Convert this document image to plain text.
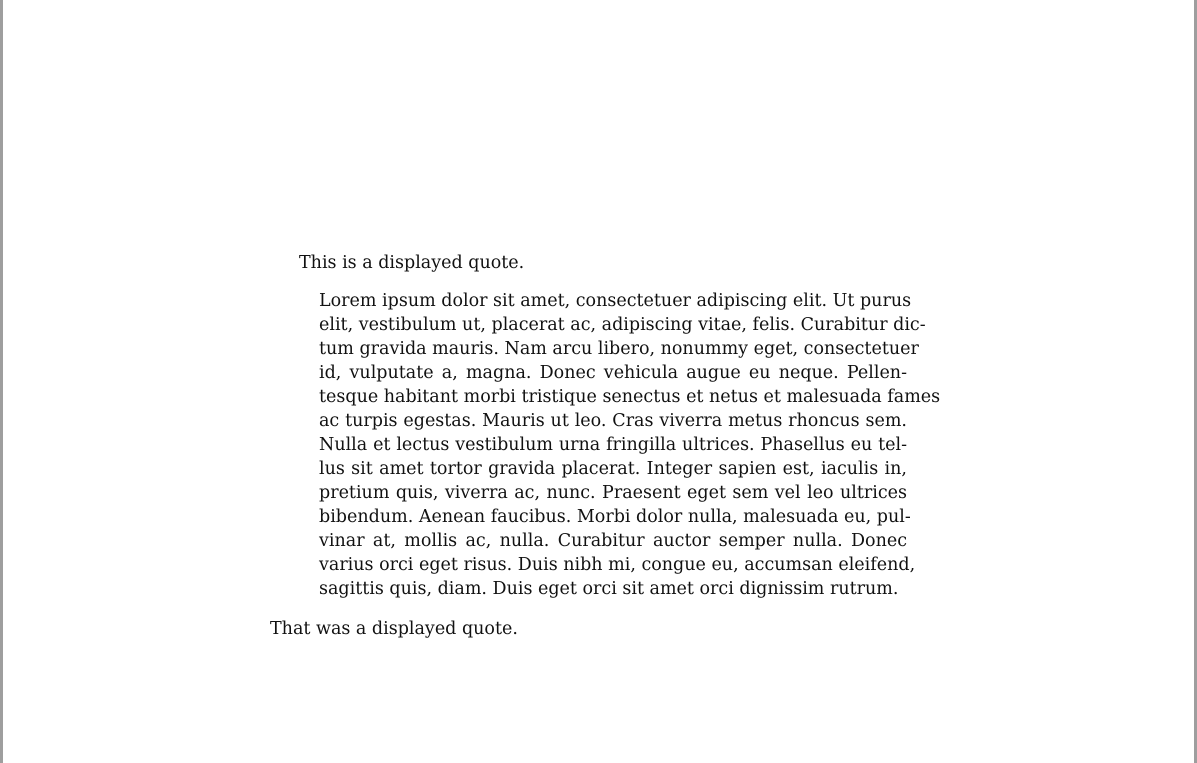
This is a displayed quote.

Lorem ipsum dolor sit amet, consectetuer adipiscing elit. Ut purus
elit, vestibulum ut, placerat ac, adipiscing vitae, felis. Curabitur dic-
tum gravida mauris. Nam arcu libero, nonummy eget, consectetuer
id, vulputate a, magna. Donec vehicula augue eu neque. Pellen-
tesque habitant morbi tristique senectus et netus et malesuada fames
ac turpis egestas. Mauris ut leo. Cras viverra metus rhoncus sem.
Nulla et lectus vestibulum urna fringilla ultrices. Phasellus eu tel-
lus sit amet tortor gravida placerat. Integer sapien est, iaculis in,
pretium quis, viverra ac, nunc. Praesent eget sem vel leo ultrices
bibendum. Aenean faucibus. Morbi dolor nulla, malesuada eu, pul-
vinar at, mollis ac, nulla. Curabitur auctor semper nulla. Donec
varius orci eget risus. Duis nibh mi, congue eu, accumsan eleifend,
sagittis quis, diam. Duis eget orci sit amet orci dignissim rutrum.

That was a displayed quote.
